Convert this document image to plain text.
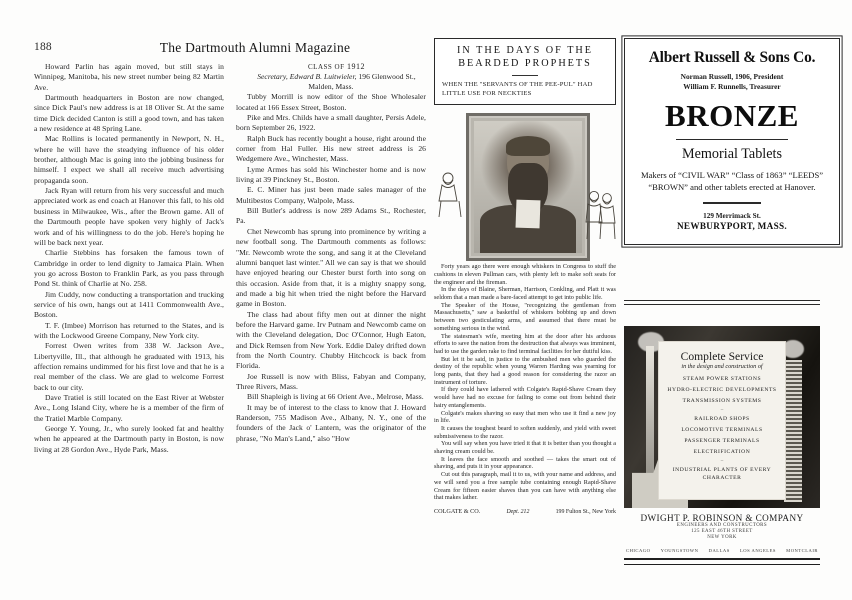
188	The Dartmouth Alumni Magazine

Howard Parlin has again moved, but still stays in Winnipeg, Manitoba, his new street number being 82 Martin Ave.

Dartmouth headquarters in Boston are now changed, since Dick Paul's new address is at 18 Oliver St. At the same time Dick decided Canton is still a good town, and has taken a new residence at 48 Spring Lane.

Mac Rollins is located permanently in Newport, N. H., where he will have the steadying influence of his older brother, although Mac is going into the jobbing business for himself. I expect we shall all receive much advertising propaganda soon.

Jack Ryan will return from his very successful and much appreciated work as end coach at Hanover this fall, to his old business in Milwaukee, Wis., after the Brown game. All of the Dartmouth people have spoken very highly of Jack's work and of his willingness to do the job. Here's hoping he will be back next year.

Charlie Stebbins has forsaken the famous town of Cambridge in order to lend dignity to Jamaica Plain. When you go across Boston to Franklin Park, as you pass through Pond St. think of Charlie at No. 258.

Jim Cuddy, now conducting a transportation and trucking service of his own, hangs out at 1411 Commonwealth Ave., Boston.

T. F. (Imbee) Morrison has returned to the States, and is with the Lockwood Greene Company, New York city.

Forrest Owen writes from 338 W. Jackson Ave., Libertyville, Ill., that although he graduated with 1913, his affection remains undimmed for his first love and that he is a real member of the class. We are glad to welcome Forrest back to our city.

Dave Tratiel is still located on the East River at Webster Ave., Long Island City, where he is a member of the firm of the Tratiel Marble Company.

George Y. Young, Jr., who surely looked fat and healthy when he appeared at the Dartmouth party in Boston, is now living at 28 Gordon Ave., Hyde Park, Mass.

CLASS OF 1912

Secretary, Edward B. Luitwieler, 196 Glenwood St., Malden, Mass.

Tubby Morrill is now editor of the Shoe Wholesaler located at 166 Essex Street, Boston.

Pike and Mrs. Childs have a small daughter, Persis Adele, born September 26, 1922.

Ralph Buck has recently bought a house, right around the corner from Hal Fuller. His new street address is 26 Wedgemere Ave., Winchester, Mass.

Lyme Armes has sold his Winchester home and is now living at 39 Pinckney St., Boston.

E. C. Miner has just been made sales manager of the Multibestos Company, Walpole, Mass.

Bill Butler's address is now 289 Adams St., Rochester, Pa.

Chet Newcomb has sprung into prominence by writing a new football song. The Dartmouth comments as follows: "Mr. Newcomb wrote the song, and sang it at the Cleveland alumni banquet last winter." All we can say is that we should have enjoyed hearing our Chester burst forth into song on this occasion. Aside from that, it is a mighty snappy song, and made a big hit when tried the night before the Harvard game in Boston.

The class had about fifty men out at dinner the night before the Harvard game. Irv Putnam and Newcomb came on with the Cleveland delegation, Doc O'Connor, Hugh Eaton, and Dick Remsen from New York. Eddie Daley drifted down from the North Country. Chubby Hitchcock is back from Florida.

Joe Russell is now with Bliss, Fabyan and Company, Three Rivers, Mass.

Bill Shapleigh is living at 66 Orient Ave., Melrose, Mass.

It may be of interest to the class to know that J. Howard Randerson, 755 Madison Ave., Albany, N. Y., one of the founders of the Jack o' Lantern, was the originator of the phrase, "No Man's Land," also "How

IN THE DAYS OF THE BEARDED PROPHETS
WHEN THE "SERVANTS OF THE PEE-PUL" HAD LITTLE USE FOR NECKTIES

Forty years ago there were enough whiskers in Congress to stuff the cushions in eleven Pullman cars, with plenty left to make soft seats for the engineer and the fireman.

In the days of Blaine, Sherman, Harrison, Conkling, and Platt it was seldom that a man made a bare-faced attempt to get into public life.

The Speaker of the House, "recognizing the gentleman from Massachusetts," saw a basketful of whiskers bobbing up and down between two gesticulating arms, and assumed that there must be something serious in the wind.

The statesman's wife, meeting him at the door after his arduous efforts to save the nation from the destruction that always was imminent, had to use the garden rake to find terminal facilities for her dutiful kiss.

But let it be said, in justice to the ambushed men who guarded the destiny of the republic when young Warren Harding was yearning for long pants, that they had a good reason for considering the razor an instrument of torture.

If they could have lathered with Colgate's Rapid-Shave Cream they would have had no excuse for failing to come out from behind their hairy entanglements.

Colgate's makes shaving so easy that men who use it find a new joy in life.

It causes the toughest beard to soften suddenly, and yield with sweet submissiveness to the razor.

You will say when you have tried it that it is better than you thought a shaving cream could be.

It leaves the face smooth and soothed — takes the smart out of shaving, and puts it in your appearance.

Cut out this paragraph, mail it to us, with your name and address, and we will send you a free sample tube containing enough Rapid-Shave Cream for fifteen easier shaves than you can have with anything else that makes lather.

COLGATE & CO.	Dept. 212	199 Fulton St., New York
Albert Russell & Sons Co.
Norman Russell, 1906, President
William F. Runnells, Treasurer
BRONZE
Memorial Tablets
Makers of “CIVIL WAR” “Class of 1863” “LEEDS” “BROWN” and other tablets erected at Hanover.
129 Merrimack St.
NEWBURYPORT, MASS.
Complete Service
in the design and construction of
STEAM POWER STATIONS
HYDRO-ELECTRIC DEVELOPMENTS
TRANSMISSION SYSTEMS
–
RAILROAD SHOPS
LOCOMOTIVE TERMINALS
PASSENGER TERMINALS
ELECTRIFICATION
–
INDUSTRIAL PLANTS OF EVERY CHARACTER
DWIGHT P. ROBINSON & COMPANY
ENGINEERS AND CONSTRUCTORS
125 EAST 46TH STREET
NEW YORK
CHICAGO YOUNGSTOWN DALLAS LOS ANGELES MONTCLAIR
